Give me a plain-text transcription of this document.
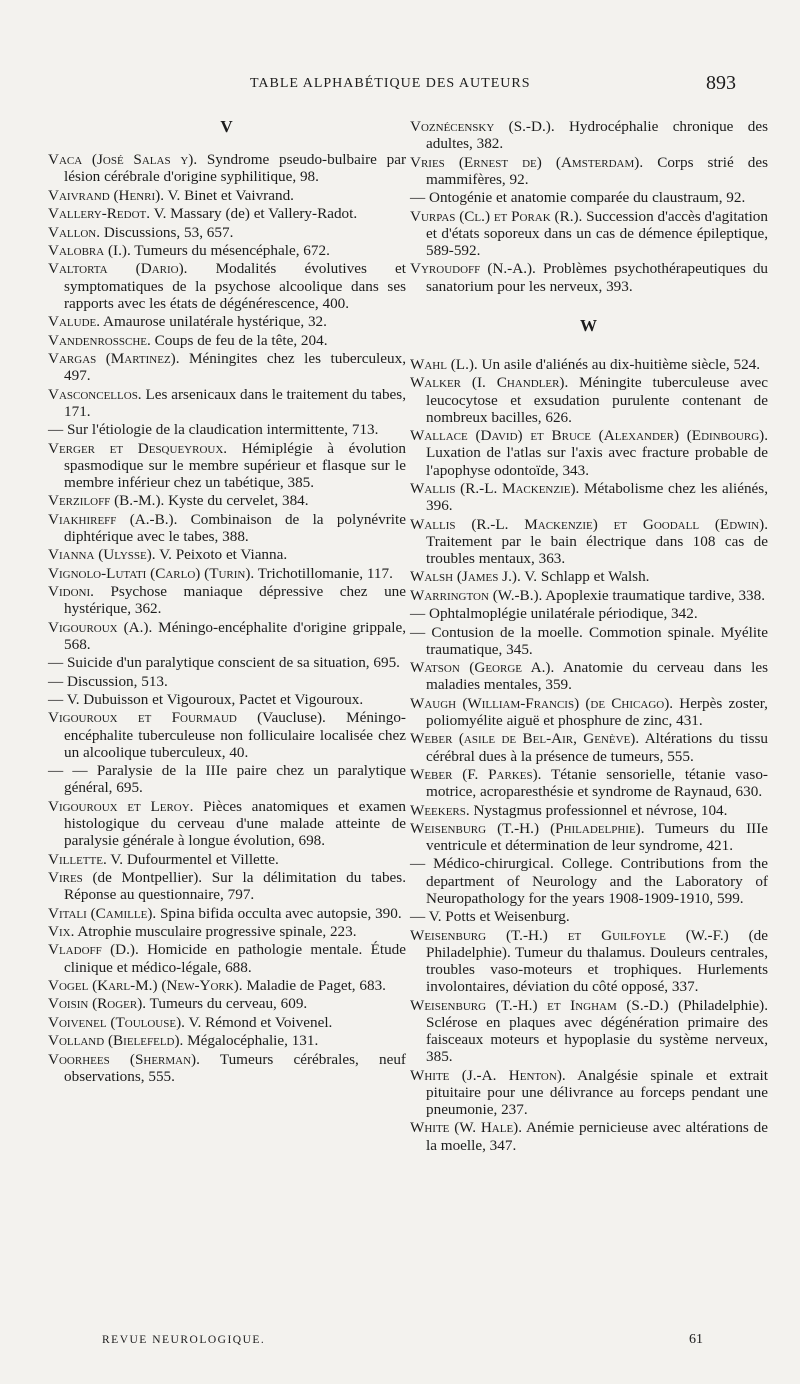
TABLE ALPHABÉTIQUE DES AUTEURS	893
V

Vaca (José Salas y). Syndrome pseudo-bulbaire par lésion cérébrale d'origine syphilitique, 98.

Vaivrand (Henri). V. Binet et Vaivrand.

Vallery-Redot. V. Massary (de) et Vallery-Radot.

Vallon. Discussions, 53, 657.

Valobra (I.). Tumeurs du mésencéphale, 672.

Valtorta (Dario). Modalités évolutives et symptomatiques de la psychose alcoolique dans ses rapports avec les états de dégénérescence, 400.

Valude. Amaurose unilatérale hystérique, 32.

Vandenrossche. Coups de feu de la tête, 204.

Vargas (Martinez). Méningites chez les tuberculeux, 497.

Vasconcellos. Les arsenicaux dans le traitement du tabes, 171.

— Sur l'étiologie de la claudication intermittente, 713.

Verger et Desqueyroux. Hémiplégie à évolution spasmodique sur le membre supérieur et flasque sur le membre inférieur chez un tabétique, 385.

Verziloff (B.-M.). Kyste du cervelet, 384.

Viakhireff (A.-B.). Combinaison de la polynévrite diphtérique avec le tabes, 388.

Vianna (Ulysse). V. Peixoto et Vianna.

Vignolo-Lutati (Carlo) (Turin). Trichotillomanie, 117.

Vidoni. Psychose maniaque dépressive chez une hystérique, 362.

Vigouroux (A.). Méningo-encéphalite d'origine grippale, 568.

— Suicide d'un paralytique conscient de sa situation, 695.

— Discussion, 513.

— V. Dubuisson et Vigouroux, Pactet et Vigouroux.

Vigouroux et Fourmaud (Vaucluse). Méningo-encéphalite tuberculeuse non folliculaire localisée chez un alcoolique tuberculeux, 40.

— — Paralysie de la IIIe paire chez un paralytique général, 695.

Vigouroux et Leroy. Pièces anatomiques et examen histologique du cerveau d'une malade atteinte de paralysie générale à longue évolution, 698.

Villette. V. Dufourmentel et Villette.

Vires (de Montpellier). Sur la délimitation du tabes. Réponse au questionnaire, 797.

Vitali (Camille). Spina bifida occulta avec autopsie, 390.

Vix. Atrophie musculaire progressive spinale, 223.

Vladoff (D.). Homicide en pathologie mentale. Étude clinique et médico-légale, 688.

Vogel (Karl-M.) (New-York). Maladie de Paget, 683.

Voisin (Roger). Tumeurs du cerveau, 609.

Voivenel (Toulouse). V. Rémond et Voivenel.

Volland (Bielefeld). Mégalocéphalie, 131.

Voorhees (Sherman). Tumeurs cérébrales, neuf observations, 555.

Voznécensky (S.-D.). Hydrocéphalie chronique des adultes, 382.

Vries (Ernest de) (Amsterdam). Corps strié des mammifères, 92.

— Ontogénie et anatomie comparée du claustraum, 92.

Vurpas (Cl.) et Porak (R.). Succession d'accès d'agitation et d'états soporeux dans un cas de démence épileptique, 589-592.

Vyroudoff (N.-A.). Problèmes psychothérapeutiques du sanatorium pour les nerveux, 393.

W

Wahl (L.). Un asile d'aliénés au dix-huitième siècle, 524.

Walker (I. Chandler). Méningite tuberculeuse avec leucocytose et exsudation purulente contenant de nombreux bacilles, 626.

Wallace (David) et Bruce (Alexander) (Edinbourg). Luxation de l'atlas sur l'axis avec fracture probable de l'apophyse odontoïde, 343.

Wallis (R.-L. Mackenzie). Métabolisme chez les aliénés, 396.

Wallis (R.-L. Mackenzie) et Goodall (Edwin). Traitement par le bain électrique dans 108 cas de troubles mentaux, 363.

Walsh (James J.). V. Schlapp et Walsh.

Warrington (W.-B.). Apoplexie traumatique tardive, 338.

— Ophtalmoplégie unilatérale périodique, 342.

— Contusion de la moelle. Commotion spinale. Myélite traumatique, 345.

Watson (George A.). Anatomie du cerveau dans les maladies mentales, 359.

Waugh (William-Francis) (de Chicago). Herpès zoster, poliomyélite aiguë et phosphure de zinc, 431.

Weber (asile de Bel-Air, Genève). Altérations du tissu cérébral dues à la présence de tumeurs, 555.

Weber (F. Parkes). Tétanie sensorielle, tétanie vaso-motrice, acroparesthésie et syndrome de Raynaud, 630.

Weekers. Nystagmus professionnel et névrose, 104.

Weisenburg (T.-H.) (Philadelphie). Tumeurs du IIIe ventricule et détermination de leur syndrome, 421.

— Médico-chirurgical. College. Contributions from the department of Neurology and the Laboratory of Neuropathology for the years 1908-1909-1910, 599.

— V. Potts et Weisenburg.

Weisenburg (T.-H.) et Guilfoyle (W.-F.) (de Philadelphie). Tumeur du thalamus. Douleurs centrales, troubles vaso-moteurs et trophiques. Hurlements involontaires, déviation du côté opposé, 337.

Weisenburg (T.-H.) et Ingham (S.-D.) (Philadelphie). Sclérose en plaques avec dégénération primaire des faisceaux moteurs et hypoplasie du système nerveux, 385.

White (J.-A. Henton). Analgésie spinale et extrait pituitaire pour une délivrance au forceps pendant une pneumonie, 237.

White (W. Hale). Anémie pernicieuse avec altérations de la moelle, 347.

REVUE NEUROLOGIQUE.	61
